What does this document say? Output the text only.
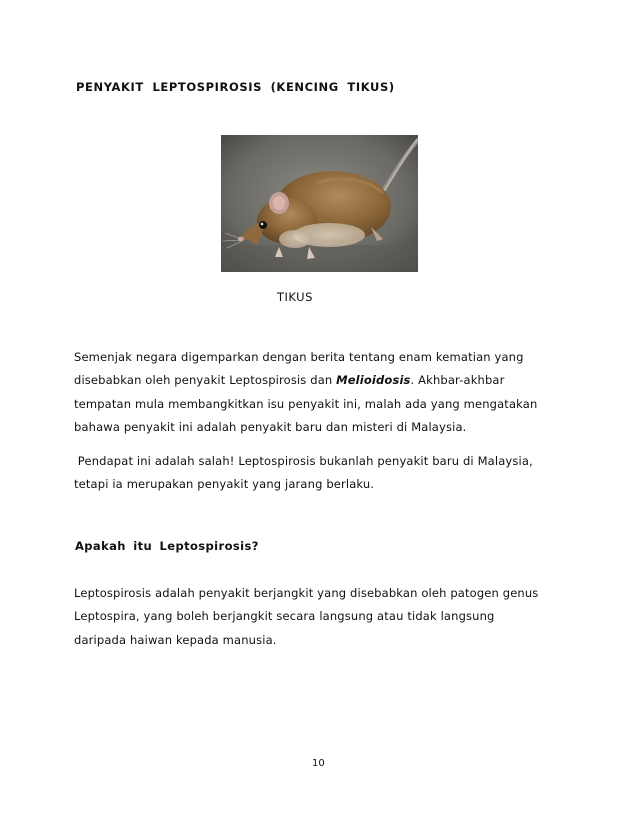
PENYAKIT LEPTOSPIROSIS (KENCING TIKUS)
TIKUS

Semenjak negara digemparkan dengan berita tentang enam kematian yang
disebabkan oleh penyakit Leptospirosis dan Melioidosis. Akhbar-akhbar
tempatan mula membangkitkan isu penyakit ini, malah ada yang mengatakan
bahawa penyakit ini adalah penyakit baru dan misteri di Malaysia.

Pendapat ini adalah salah! Leptospirosis bukanlah penyakit baru di Malaysia,
tetapi ia merupakan penyakit yang jarang berlaku.

Apakah itu Leptospirosis?

Leptospirosis adalah penyakit berjangkit yang disebabkan oleh patogen genus
Leptospira, yang boleh berjangkit secara langsung atau tidak langsung
daripada haiwan kepada manusia.

10
